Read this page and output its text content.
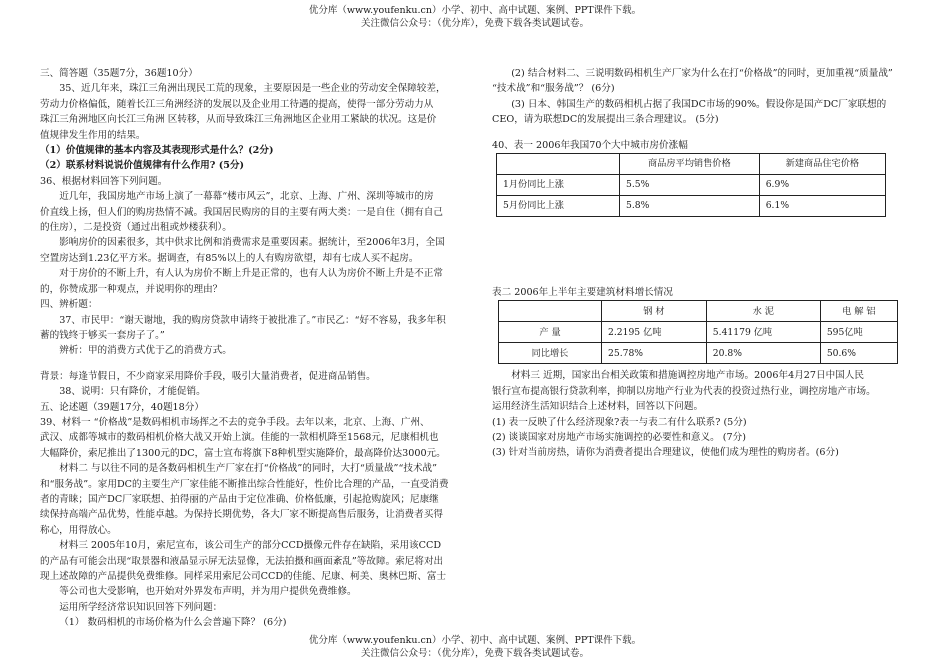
优分库（www.youfenku.cn）小学、初中、高中试题、案例、PPT课件下载。
关注微信公众号：（优分库），免费下载各类试题试卷。

三、简答题（35题7分，36题10分）

35、近几年来，珠江三角洲出现民工荒的现象，主要原因是一些企业的劳动安全保障较差，

劳动力价格偏低，随着长江三角洲经济的发展以及企业用工待遇的提高，使得一部分劳动力从

珠江三角洲地区向长江三角洲 区转移，从而导致珠江三角洲地区企业用工紧缺的状况。这是价

值规律发生作用的结果。

（1）价值规律的基本内容及其表现形式是什么？(2分)

（2）联系材料说说价值规律有什么作用? (5分)

36、根据材料回答下列问题。

近几年，我国房地产市场上演了一幕幕“楼市风云”，北京、上海、广州、深圳等城市的房

价直线上扬，但人们的购房热情不减。我国居民购房的目的主要有两大类：一是自住（拥有自己

的住房），二是投资（通过出租或炒楼获利）。

影响房价的因素很多，其中供求比例和消费需求是重要因素。据统计，至2006年3月，全国

空置房达到1.23亿平方米。据调查，有85%以上的人有购房欲望，却有七成人买不起房。

对于房价的不断上升，有人认为房价不断上升是正常的，也有人认为房价不断上升是不正常

的，你赞成那一种观点，并说明你的理由？

四、辨析题：

37、市民甲：“谢天谢地，我的购房贷款申请终于被批准了。”市民乙：“好不容易，我多年积

蓄的钱终于够买一套房子了。”

辨析：甲的消费方式优于乙的消费方式。

背景：每逢节假日，不少商家采用降价手段，吸引大量消费者，促进商品销售。

38、说明：只有降价，才能促销。

五、论述题（39题17分，40题18分）

39、材料一 “价格战”是数码相机市场挥之不去的竞争手段。去年以来，北京、上海、广州、

武汉、成都等城市的数码相机价格大战又开始上演。佳能的一款相机降至1568元，尼康相机也

大幅降价，索尼推出了1300元的DC，富士宣布将旗下8种机型实施降价，最高降价达3000元。

材料二 与以往不同的是各数码相机生产厂家在打“价格战”的同时，大打“质量战”“技术战”

和“服务战”。家用DC的主要生产厂家佳能不断推出综合性能好，性价比合理的产品，一直受消费

者的青睐；国产DC厂家联想、拍得丽的产品由于定位准确、价格低廉，引起抢购旋风；尼康继

续保持高端产品优势，性能卓越。为保持长期优势，各大厂家不断提高售后服务，让消费者买得

称心，用得放心。

材料三 2005年10月，索尼宣布，该公司生产的部分CCD摄像元件存在缺陷，采用该CCD

的产品有可能会出现“取景器和液晶显示屏无法显像，无法拍摄和画面紊乱”等故障。索尼将对出

现上述故障的产品提供免费维修。同样采用索尼公司CCD的佳能、尼康、柯美、奥林巴斯、富士

等公司也大受影响，也开始对外界发布声明，并为用户提供免费维修。

运用所学经济常识知识回答下列问题：

（1） 数码相机的市场价格为什么会普遍下降？ (6分)

(2) 结合材料二、三说明数码相机生产厂家为什么在打“价格战”的同时，更加重视“质量战”

“技术战”和“服务战”？ (6分)

(3) 日本、韩国生产的数码相机占据了我国DC市场的90%。假设你是国产DC厂家联想的

CEO，请为联想DC的发展提出三条合理建议。 (5分)

40、表一 2006年我国70个大中城市房价涨幅

	商品房平均销售价格	新建商品住宅价格
1月份同比上涨	5.5%	6.9%
5月份同比上涨	5.8%	6.1%

表二 2006年上半年主要建筑材料增长情况

	钢 材	水 泥	电 解 铝
产 量	2.2195 亿吨	5.41179 亿吨	595亿吨
同比增长	25.78%	20.8%	50.6%

材料三 近期，国家出台相关政策和措施调控房地产市场。2006年4月27日中国人民

银行宣布提高银行贷款利率，抑制以房地产行业为代表的投资过热行业，调控房地产市场。

运用经济生活知识结合上述材料，回答以下问题。

(1) 表一反映了什么经济现象?表一与表二有什么联系? (5分)

(2) 谈谈国家对房地产市场实施调控的必要性和意义。 (7分)

(3) 针对当前房热，请你为消费者提出合理建议，使他们成为理性的购房者。(6分)

优分库（www.youfenku.cn）小学、初中、高中试题、案例、PPT课件下载。
关注微信公众号：（优分库），免费下载各类试题试卷。
